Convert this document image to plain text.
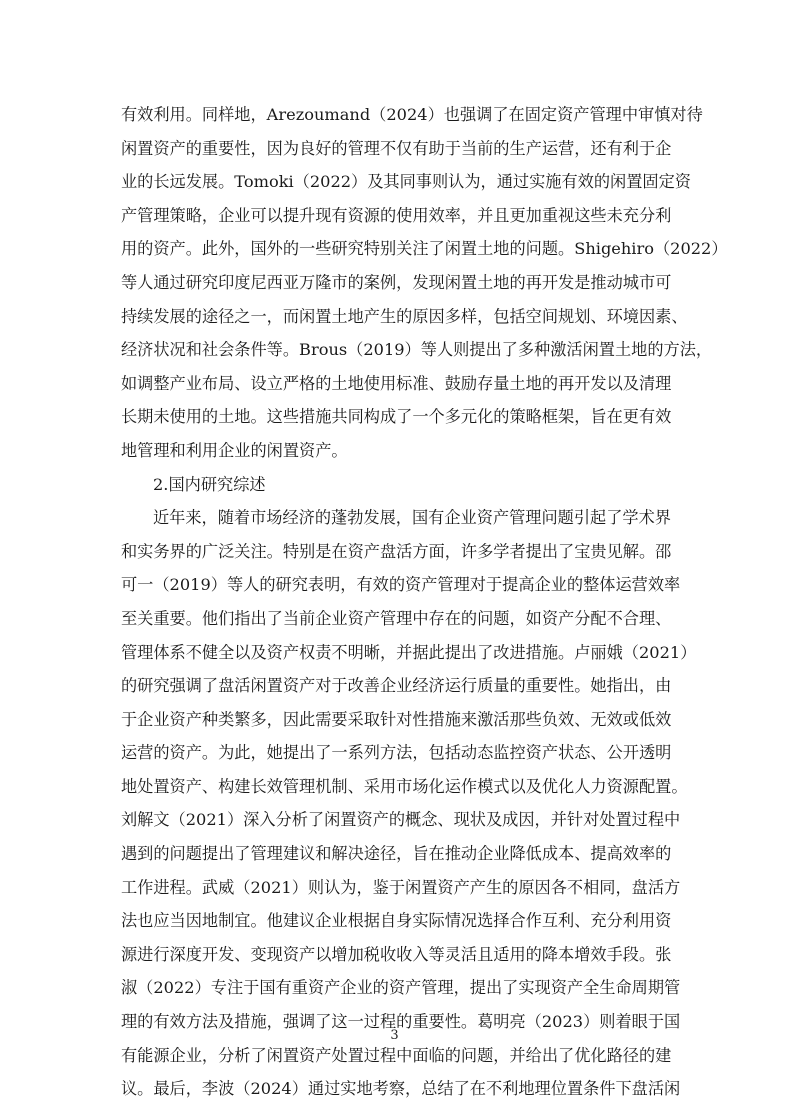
有效利用。同样地，Arezoumand（2024）也强调了在固定资产管理中审慎对待
闲置资产的重要性，因为良好的管理不仅有助于当前的生产运营，还有利于企
业的长远发展。Tomoki（2022）及其同事则认为，通过实施有效的闲置固定资
产管理策略，企业可以提升现有资源的使用效率，并且更加重视这些未充分利
用的资产。此外，国外的一些研究特别关注了闲置土地的问题。Shigehiro（2022）
等人通过研究印度尼西亚万隆市的案例，发现闲置土地的再开发是推动城市可
持续发展的途径之一，而闲置土地产生的原因多样，包括空间规划、环境因素、
经济状况和社会条件等。Brous（2019）等人则提出了多种激活闲置土地的方法，
如调整产业布局、设立严格的土地使用标准、鼓励存量土地的再开发以及清理
长期未使用的土地。这些措施共同构成了一个多元化的策略框架，旨在更有效
地管理和利用企业的闲置资产。
2.国内研究综述
近年来，随着市场经济的蓬勃发展，国有企业资产管理问题引起了学术界
和实务界的广泛关注。特别是在资产盘活方面，许多学者提出了宝贵见解。邵
可一（2019）等人的研究表明，有效的资产管理对于提高企业的整体运营效率
至关重要。他们指出了当前企业资产管理中存在的问题，如资产分配不合理、
管理体系不健全以及资产权责不明晰，并据此提出了改进措施。卢丽娥（2021）
的研究强调了盘活闲置资产对于改善企业经济运行质量的重要性。她指出，由
于企业资产种类繁多，因此需要采取针对性措施来激活那些负效、无效或低效
运营的资产。为此，她提出了一系列方法，包括动态监控资产状态、公开透明
地处置资产、构建长效管理机制、采用市场化运作模式以及优化人力资源配置。
刘解文（2021）深入分析了闲置资产的概念、现状及成因，并针对处置过程中
遇到的问题提出了管理建议和解决途径，旨在推动企业降低成本、提高效率的
工作进程。武威（2021）则认为，鉴于闲置资产产生的原因各不相同，盘活方
法也应当因地制宜。他建议企业根据自身实际情况选择合作互利、充分利用资
源进行深度开发、变现资产以增加税收收入等灵活且适用的降本增效手段。张
淑（2022）专注于国有重资产企业的资产管理，提出了实现资产全生命周期管
理的有效方法及措施，强调了这一过程的重要性。葛明亮（2023）则着眼于国
有能源企业，分析了闲置资产处置过程中面临的问题，并给出了优化路径的建
议。最后，李波（2024）通过实地考察，总结了在不利地理位置条件下盘活闲
3
